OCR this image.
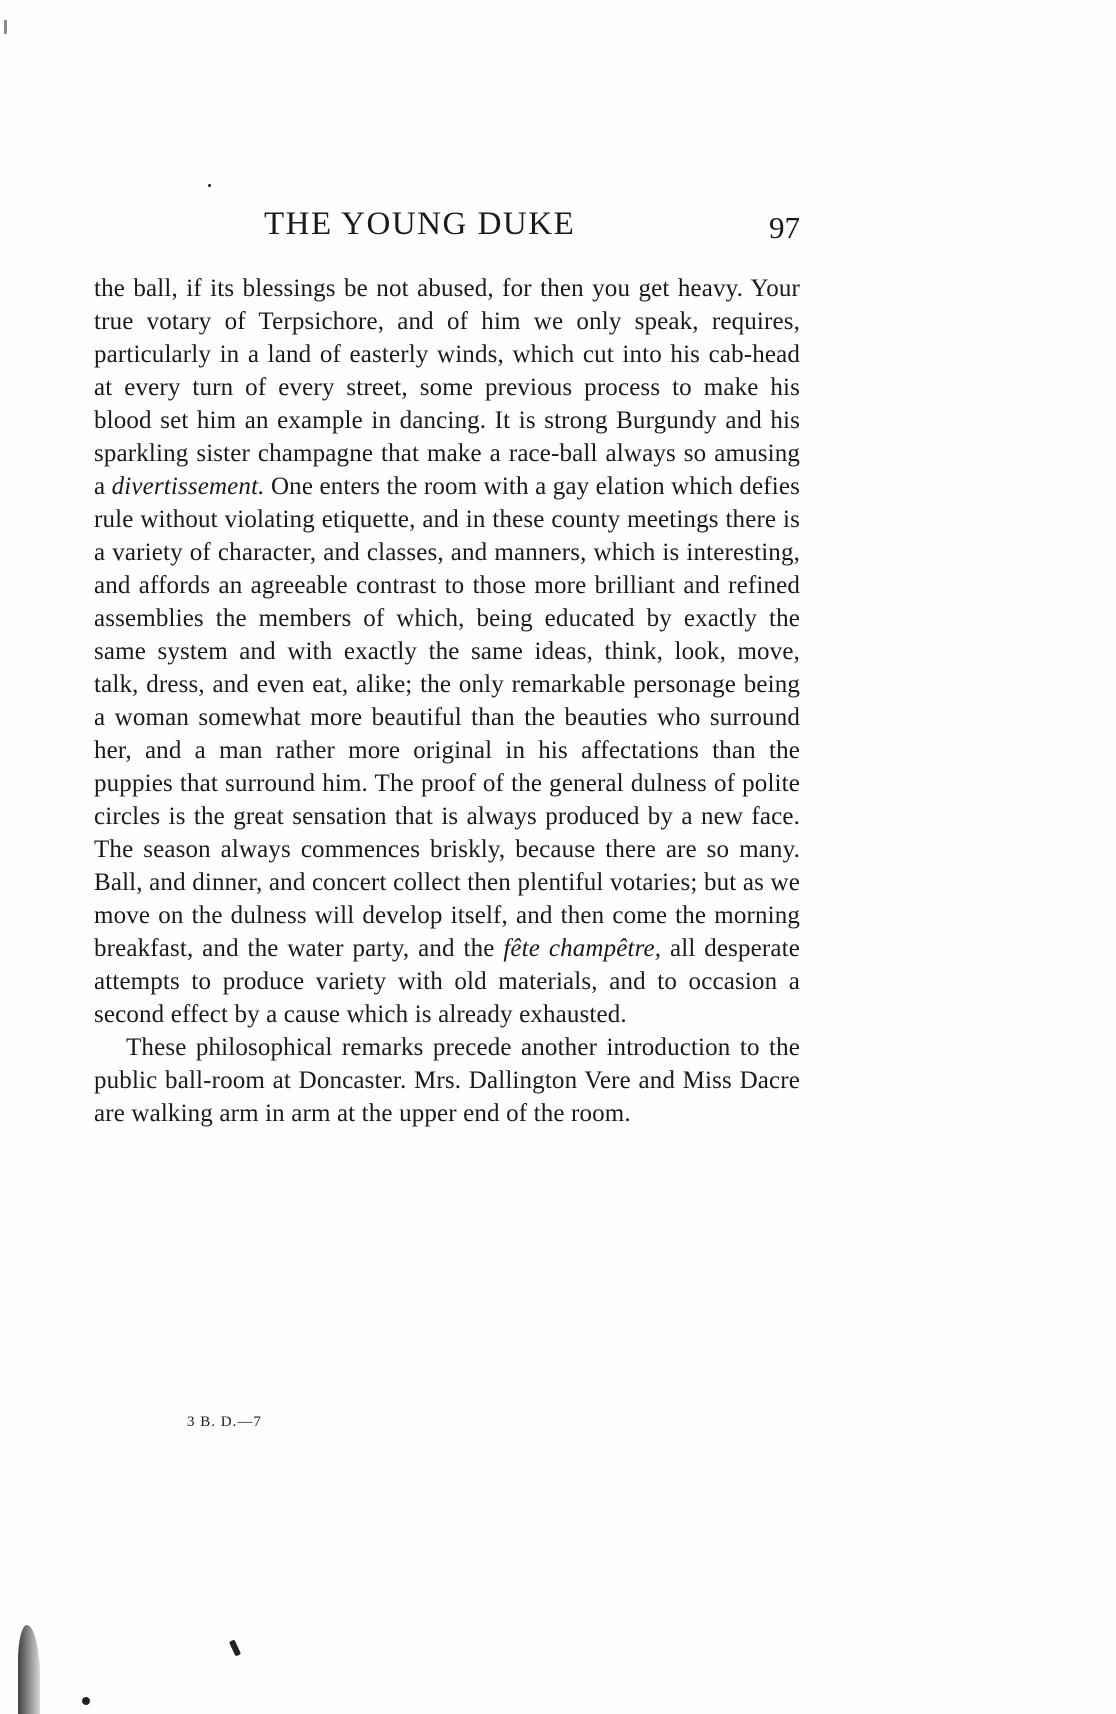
THE YOUNG DUKE	97

the ball, if its blessings be not abused, for then you get heavy. Your true votary of Terpsichore, and of him we only speak, requires, particularly in a land of easterly winds, which cut into his cab-head at every turn of every street, some previous process to make his blood set him an example in dancing. It is strong Burgundy and his sparkling sister champagne that make a race-ball always so amusing a divertissement. One enters the room with a gay elation which defies rule without violating etiquette, and in these county meetings there is a variety of character, and classes, and manners, which is interesting, and affords an agreeable contrast to those more brilliant and refined assemblies the members of which, being educated by exactly the same system and with exactly the same ideas, think, look, move, talk, dress, and even eat, alike; the only remarkable personage being a woman somewhat more beautiful than the beauties who surround her, and a man rather more original in his affectations than the puppies that surround him. The proof of the general dulness of polite circles is the great sensation that is always produced by a new face. The season always commences briskly, because there are so many. Ball, and dinner, and concert collect then plentiful votaries; but as we move on the dulness will develop itself, and then come the morning breakfast, and the water party, and the fête champêtre, all desperate attempts to produce variety with old materials, and to occasion a second effect by a cause which is already exhausted.

These philosophical remarks precede another introduction to the public ball-room at Doncaster. Mrs. Dallington Vere and Miss Dacre are walking arm in arm at the upper end of the room.

3 B. D.—7
